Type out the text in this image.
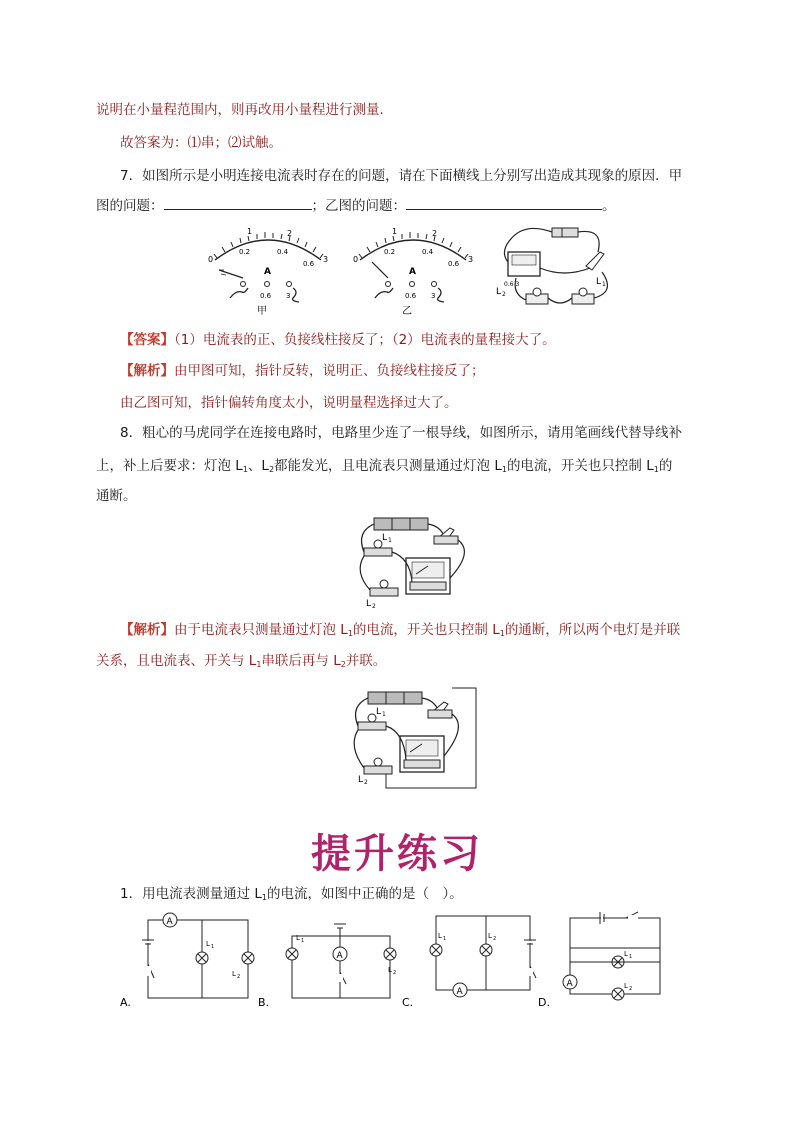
说明在小量程范围内，则再改用小量程进行测量．
故答案为：⑴串；⑵试触。
7．如图所示是小明连接电流表时存在的问题，请在下面横线上分别写出造成其现象的原因．甲
图的问题：	；乙图的问题：	。
0
0.2	0.4
0.6
1	2
3
A
0.6 3
甲
0
0.2	0.4
0.6
1	2
3
A
0.6 3
乙
0.6 3
L 2
L 1
【答案】（1）电流表的正、负接线柱接反了；（2）电流表的量程接大了。
【解析】由甲图可知，指针反转，说明正、负接线柱接反了；
由乙图可知，指针偏转角度太小，说明量程选择过大了。
8．粗心的马虎同学在连接电路时，电路里少连了一根导线，如图所示，请用笔画线代替导线补
上，补上后要求：灯泡 $L_1$、$L_2$都能发光，且电流表只测量通过灯泡 $L_1$的电流，开关也只控制 $L_1$的
通断。
L 1
L 2
【解析】由于电流表只测量通过灯泡 $L_1$的电流，开关也只控制 $L_1$的通断，所以两个电灯是并联
关系，且电流表、开关与 $L_1$串联后再与 $L_2$并联。
L 1
L 2
提升练习
1．用电流表测量通过 $L_1$的电流，如图中正确的是（　）。
A.
A
L 1
L 2
B.
A
L 1
L 2
C.
A
L 1	L 2
D.
A
L 1
L 2
